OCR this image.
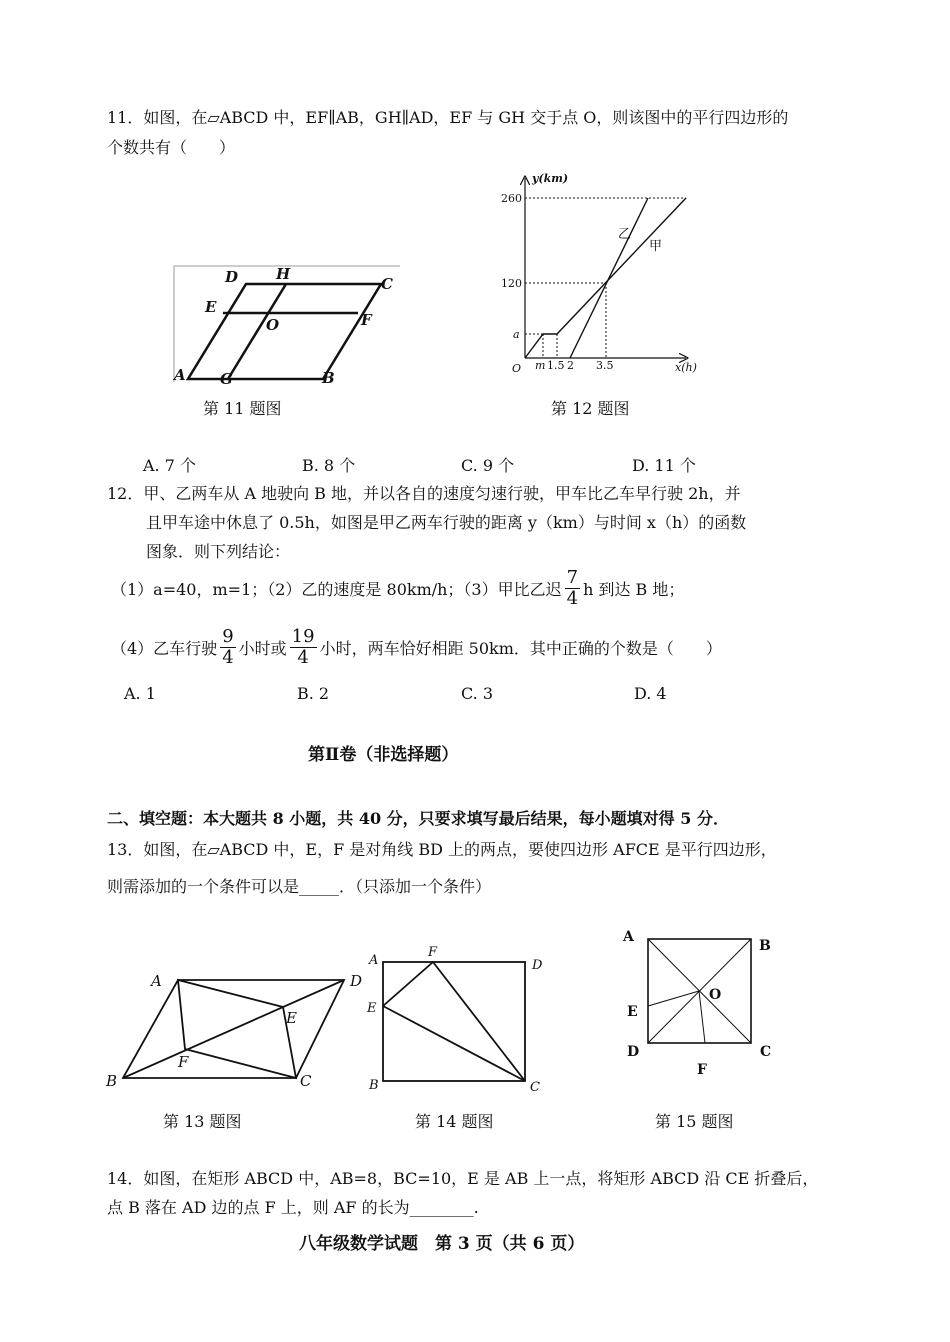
11．如图，在▱ABCD 中，EF∥AB，GH∥AD，EF 与 GH 交于点 O，则该图中的平行四边形的
个数共有（　　）
D	H
C
E
O	F
A G	B
第 11 题图
y(km)
260
120
a
O m 1.5 2 3.5	x(h)
乙
甲
第 12 题图
A. 7 个	B. 8 个	C. 9 个	D. 11 个
12．甲、乙两车从 A 地驶向 B 地，并以各自的速度匀速行驶，甲车比乙车早行驶 2h，并
且甲车途中休息了 0.5h，如图是甲乙两车行驶的距离 y（km）与时间 x（h）的函数
图象．则下列结论：
（1）a=40，m=1；（2）乙的速度是 80km/h；（3）甲比乙迟 $\frac{7}{4}$ h 到达 B 地；
（4）乙车行驶 $\frac{9}{4}$ 小时或 $\frac{19}{4}$ 小时，两车恰好相距 50km．其中正确的个数是（　　）
A. 1	B. 2	C. 3	D. 4
第Ⅱ卷（非选择题）
二、填空题：本大题共 8 小题，共 40 分，只要求填写最后结果，每小题填对得 5 分．
13．如图，在▱ABCD 中，E，F 是对角线 BD 上的两点，要使四边形 AFCE 是平行四边形，
则需添加的一个条件可以是_____．（只添加一个条件）
A	D
E
F
B	C
第 13 题图
A
F
D
E
B	C
第 14 题图
A
B
O
E
D	C
F
第 15 题图
14．如图，在矩形 ABCD 中，AB=8，BC=10，E 是 AB 上一点，将矩形 ABCD 沿 CE 折叠后，
点 B 落在 AD 边的点 F 上，则 AF 的长为________.
八年级数学试题　第 3 页（共 6 页）
